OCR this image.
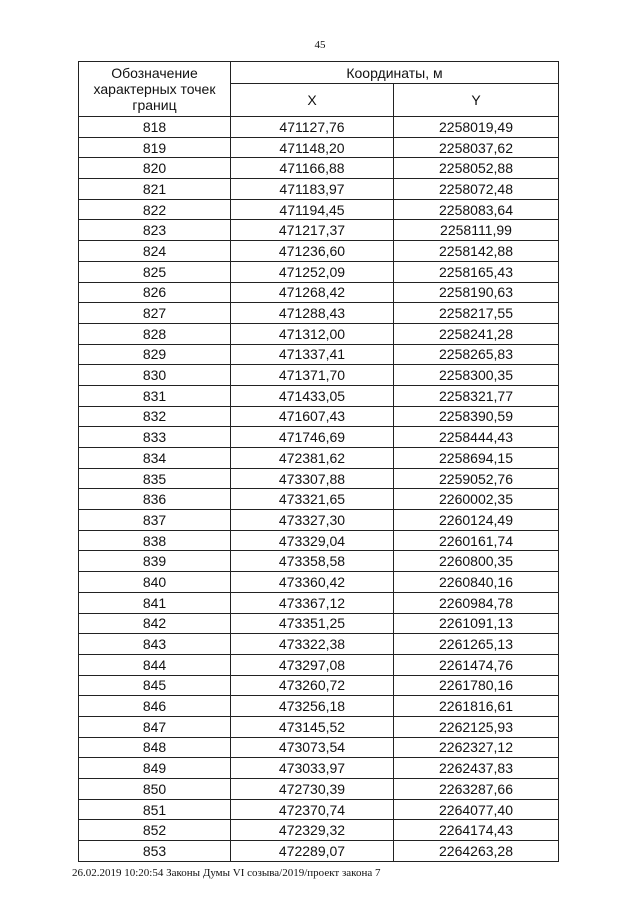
45
Обозначение характерных точек границ	Координаты, м	
	X	Y
818	471127,76	2258019,49
819	471148,20	2258037,62
820	471166,88	2258052,88
821	471183,97	2258072,48
822	471194,45	2258083,64
823	471217,37	2258111,99
824	471236,60	2258142,88
825	471252,09	2258165,43
826	471268,42	2258190,63
827	471288,43	2258217,55
828	471312,00	2258241,28
829	471337,41	2258265,83
830	471371,70	2258300,35
831	471433,05	2258321,77
832	471607,43	2258390,59
833	471746,69	2258444,43
834	472381,62	2258694,15
835	473307,88	2259052,76
836	473321,65	2260002,35
837	473327,30	2260124,49
838	473329,04	2260161,74
839	473358,58	2260800,35
840	473360,42	2260840,16
841	473367,12	2260984,78
842	473351,25	2261091,13
843	473322,38	2261265,13
844	473297,08	2261474,76
845	473260,72	2261780,16
846	473256,18	2261816,61
847	473145,52	2262125,93
848	473073,54	2262327,12
849	473033,97	2262437,83
850	472730,39	2263287,66
851	472370,74	2264077,40
852	472329,32	2264174,43
853	472289,07	2264263,28
26.02.2019 10:20:54 Законы Думы VI созыва/2019/проект закона 7
